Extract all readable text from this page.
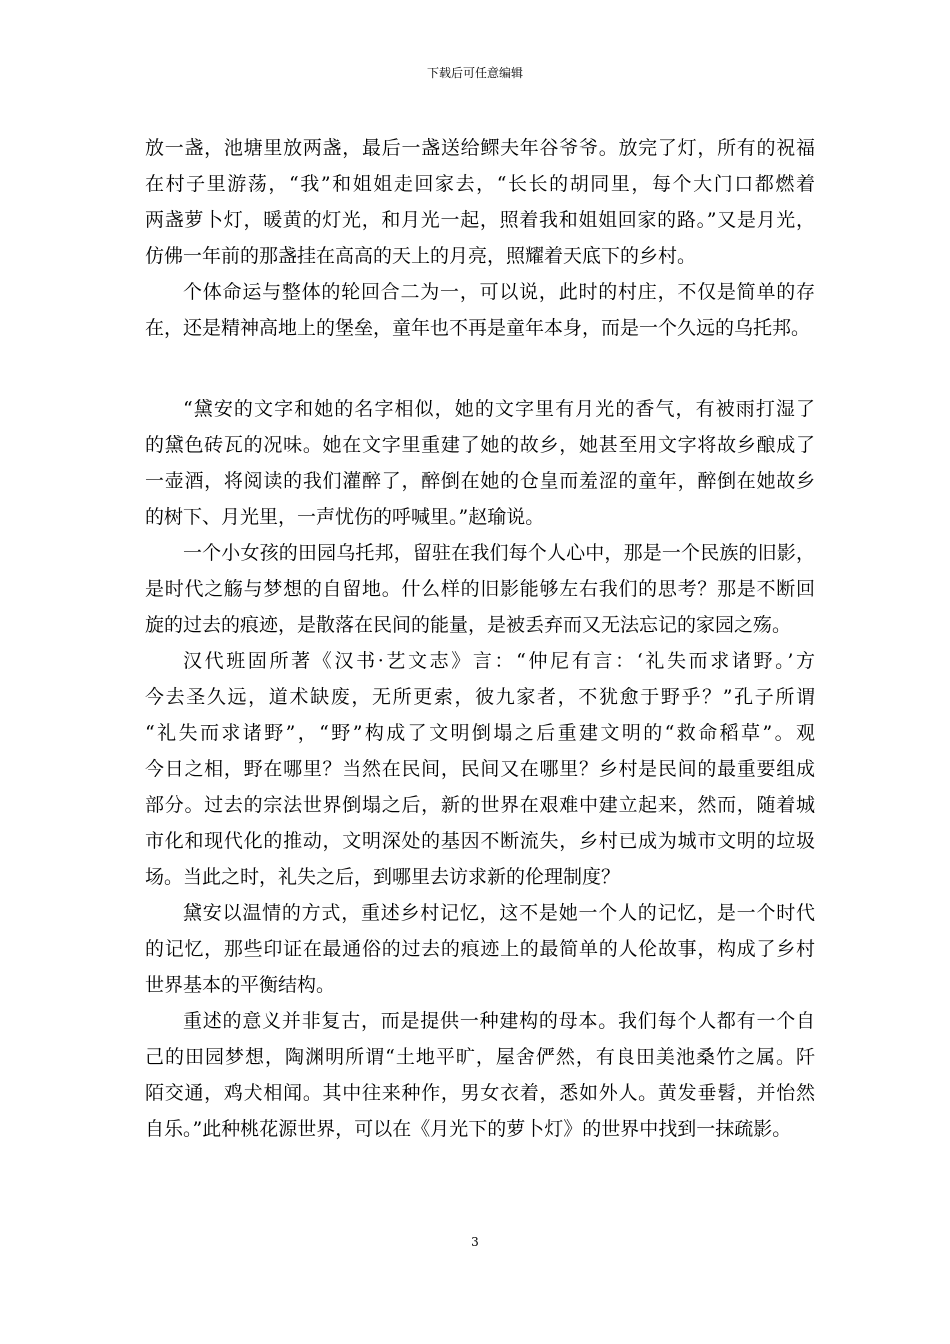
下载后可任意编辑
放一盏，池塘里放两盏，最后一盏送给鳏夫年谷爷爷。放完了灯，所有的祝福
在村子里游荡，“我”和姐姐走回家去，“长长的胡同里，每个大门口都燃着
两盏萝卜灯，暖黄的灯光，和月光一起，照着我和姐姐回家的路。”又是月光，
仿佛一年前的那盏挂在高高的天上的月亮，照耀着天底下的乡村。
个体命运与整体的轮回合二为一，可以说，此时的村庄，不仅是简单的存
在，还是精神高地上的堡垒，童年也不再是童年本身，而是一个久远的乌托邦。
“黛安的文字和她的名字相似，她的文字里有月光的香气，有被雨打湿了
的黛色砖瓦的况味。她在文字里重建了她的故乡，她甚至用文字将故乡酿成了
一壶酒，将阅读的我们灌醉了，醉倒在她的仓皇而羞涩的童年，醉倒在她故乡
的树下、月光里，一声忧伤的呼喊里。”赵瑜说。
一个小女孩的田园乌托邦，留驻在我们每个人心中，那是一个民族的旧影，
是时代之觞与梦想的自留地。什么样的旧影能够左右我们的思考？那是不断回
旋的过去的痕迹，是散落在民间的能量，是被丢弃而又无法忘记的家园之殇。
汉代班固所著《汉书·艺文志》言：“仲尼有言：‘礼失而求诸野。’方
今去圣久远，道术缺废，无所更索，彼九家者，不犹愈于野乎？”孔子所谓
“礼失而求诸野”，“野”构成了文明倒塌之后重建文明的“救命稻草”。观
今日之相，野在哪里？当然在民间，民间又在哪里？乡村是民间的最重要组成
部分。过去的宗法世界倒塌之后，新的世界在艰难中建立起来，然而，随着城
市化和现代化的推动，文明深处的基因不断流失，乡村已成为城市文明的垃圾
场。当此之时，礼失之后，到哪里去访求新的伦理制度？
黛安以温情的方式，重述乡村记忆，这不是她一个人的记忆，是一个时代
的记忆，那些印证在最通俗的过去的痕迹上的最简单的人伦故事，构成了乡村
世界基本的平衡结构。
重述的意义并非复古，而是提供一种建构的母本。我们每个人都有一个自
己的田园梦想，陶渊明所谓“土地平旷，屋舍俨然，有良田美池桑竹之属。阡
陌交通，鸡犬相闻。其中往来种作，男女衣着，悉如外人。黄发垂髫，并怡然
自乐。”此种桃花源世界，可以在《月光下的萝卜灯》的世界中找到一抹疏影。
3
